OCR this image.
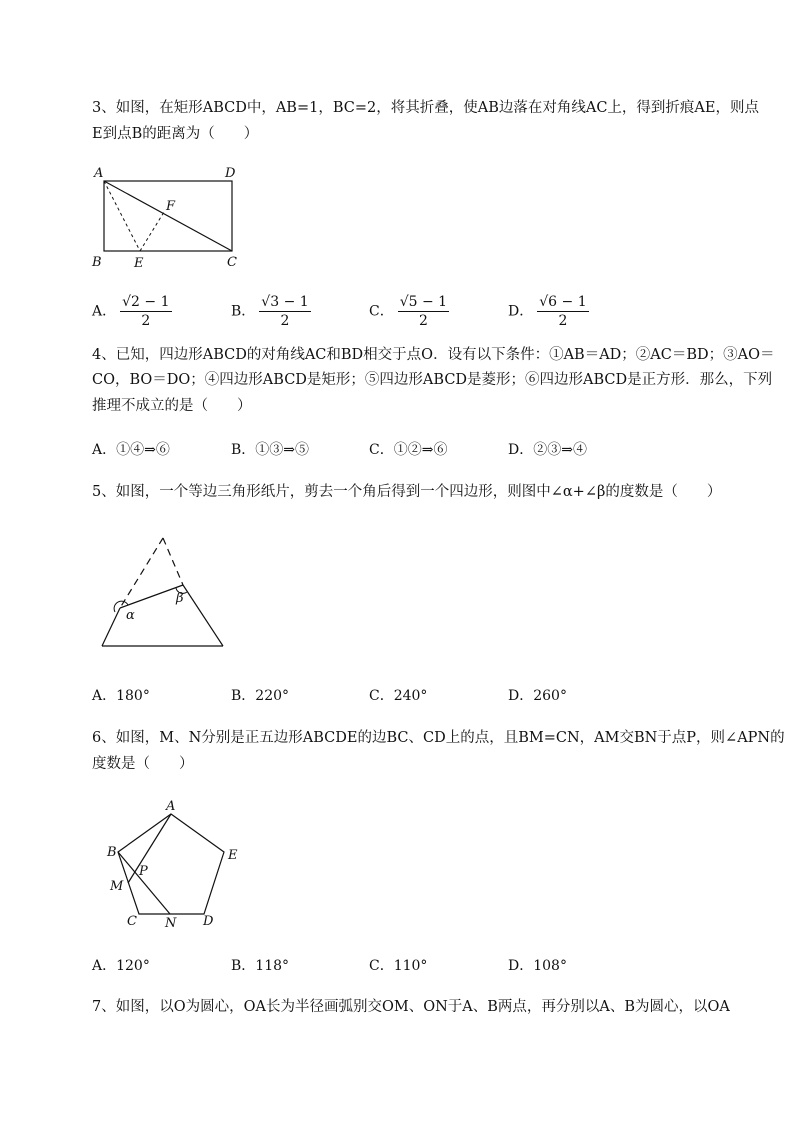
3、如图，在矩形ABCD中，AB=1，BC=2，将其折叠，使AB边落在对角线AC上，得到折痕AE，则点
E到点B的距离为（　　）
A	D
F
B E	C
A． $\frac{√2 - 1}{2}$	B． $\frac{√3 - 1}{2}$	C． $\frac{√5 - 1}{2}$	D． $\frac{√6 - 1}{2}$
4、已知，四边形ABCD的对角线AC和BD相交于点O．设有以下条件：①AB＝AD；②AC＝BD；③AO＝
CO，BO＝DO；④四边形ABCD是矩形；⑤四边形ABCD是菱形；⑥四边形ABCD是正方形．那么，下列
推理不成立的是（　　）
A．①④⇒⑥	B．①③⇒⑤	C．①②⇒⑥	D．②③⇒④
5、如图，一个等边三角形纸片，剪去一个角后得到一个四边形，则图中∠α+∠β的度数是（　　）
α
β
A．180°	B．220°	C．240°	D．260°
6、如图，M、N分别是正五边形ABCDE的边BC、CD上的点，且BM=CN，AM交BN于点P，则∠APN的
度数是（　　）
A
B	E
P
M
C N D
A．120°	B．118°	C．110°	D．108°
7、如图，以O为圆心，OA长为半径画弧别交OM、ON于A、B两点，再分别以A、B为圆心，以OA
